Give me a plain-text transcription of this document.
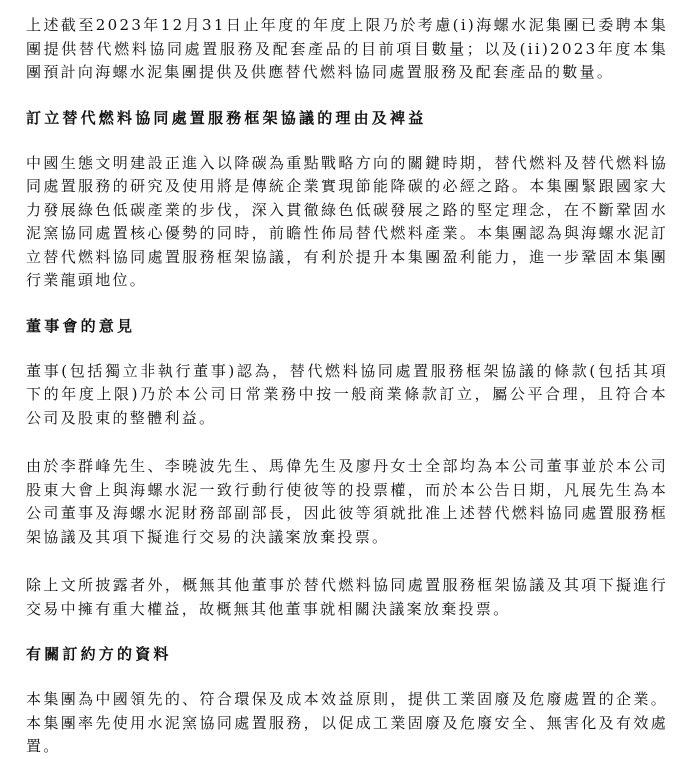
上述截至2023年12月31日止年度的年度上限乃於考慮(i)海螺水泥集團已委聘本集團提供替代燃料協同處置服務及配套產品的目前項目數量；以及(ii)2023年度本集團預計向海螺水泥集團提供及供應替代燃料協同處置服務及配套產品的數量。

訂立替代燃料協同處置服務框架協議的理由及裨益

中國生態文明建設正進入以降碳為重點戰略方向的關鍵時期，替代燃料及替代燃料協同處置服務的研究及使用將是傳統企業實現節能降碳的必經之路。本集團緊跟國家大力發展綠色低碳產業的步伐，深入貫徹綠色低碳發展之路的堅定理念，在不斷鞏固水泥窯協同處置核心優勢的同時，前瞻性佈局替代燃料產業。本集團認為與海螺水泥訂立替代燃料協同處置服務框架協議，有利於提升本集團盈利能力，進一步鞏固本集團行業龍頭地位。

董事會的意見

董事(包括獨立非執行董事)認為，替代燃料協同處置服務框架協議的條款(包括其項下的年度上限)乃於本公司日常業務中按一般商業條款訂立，屬公平合理，且符合本公司及股東的整體利益。

由於李群峰先生、李曉波先生、馬偉先生及廖丹女士全部均為本公司董事並於本公司股東大會上與海螺水泥一致行動行使彼等的投票權，而於本公告日期，凡展先生為本公司董事及海螺水泥財務部副部長，因此彼等須就批准上述替代燃料協同處置服務框架協議及其項下擬進行交易的決議案放棄投票。

除上文所披露者外，概無其他董事於替代燃料協同處置服務框架協議及其項下擬進行交易中擁有重大權益，故概無其他董事就相關決議案放棄投票。

有關訂約方的資料

本集團為中國領先的、符合環保及成本效益原則，提供工業固廢及危廢處置的企業。本集團率先使用水泥窯協同處置服務，以促成工業固廢及危廢安全、無害化及有效處置。
